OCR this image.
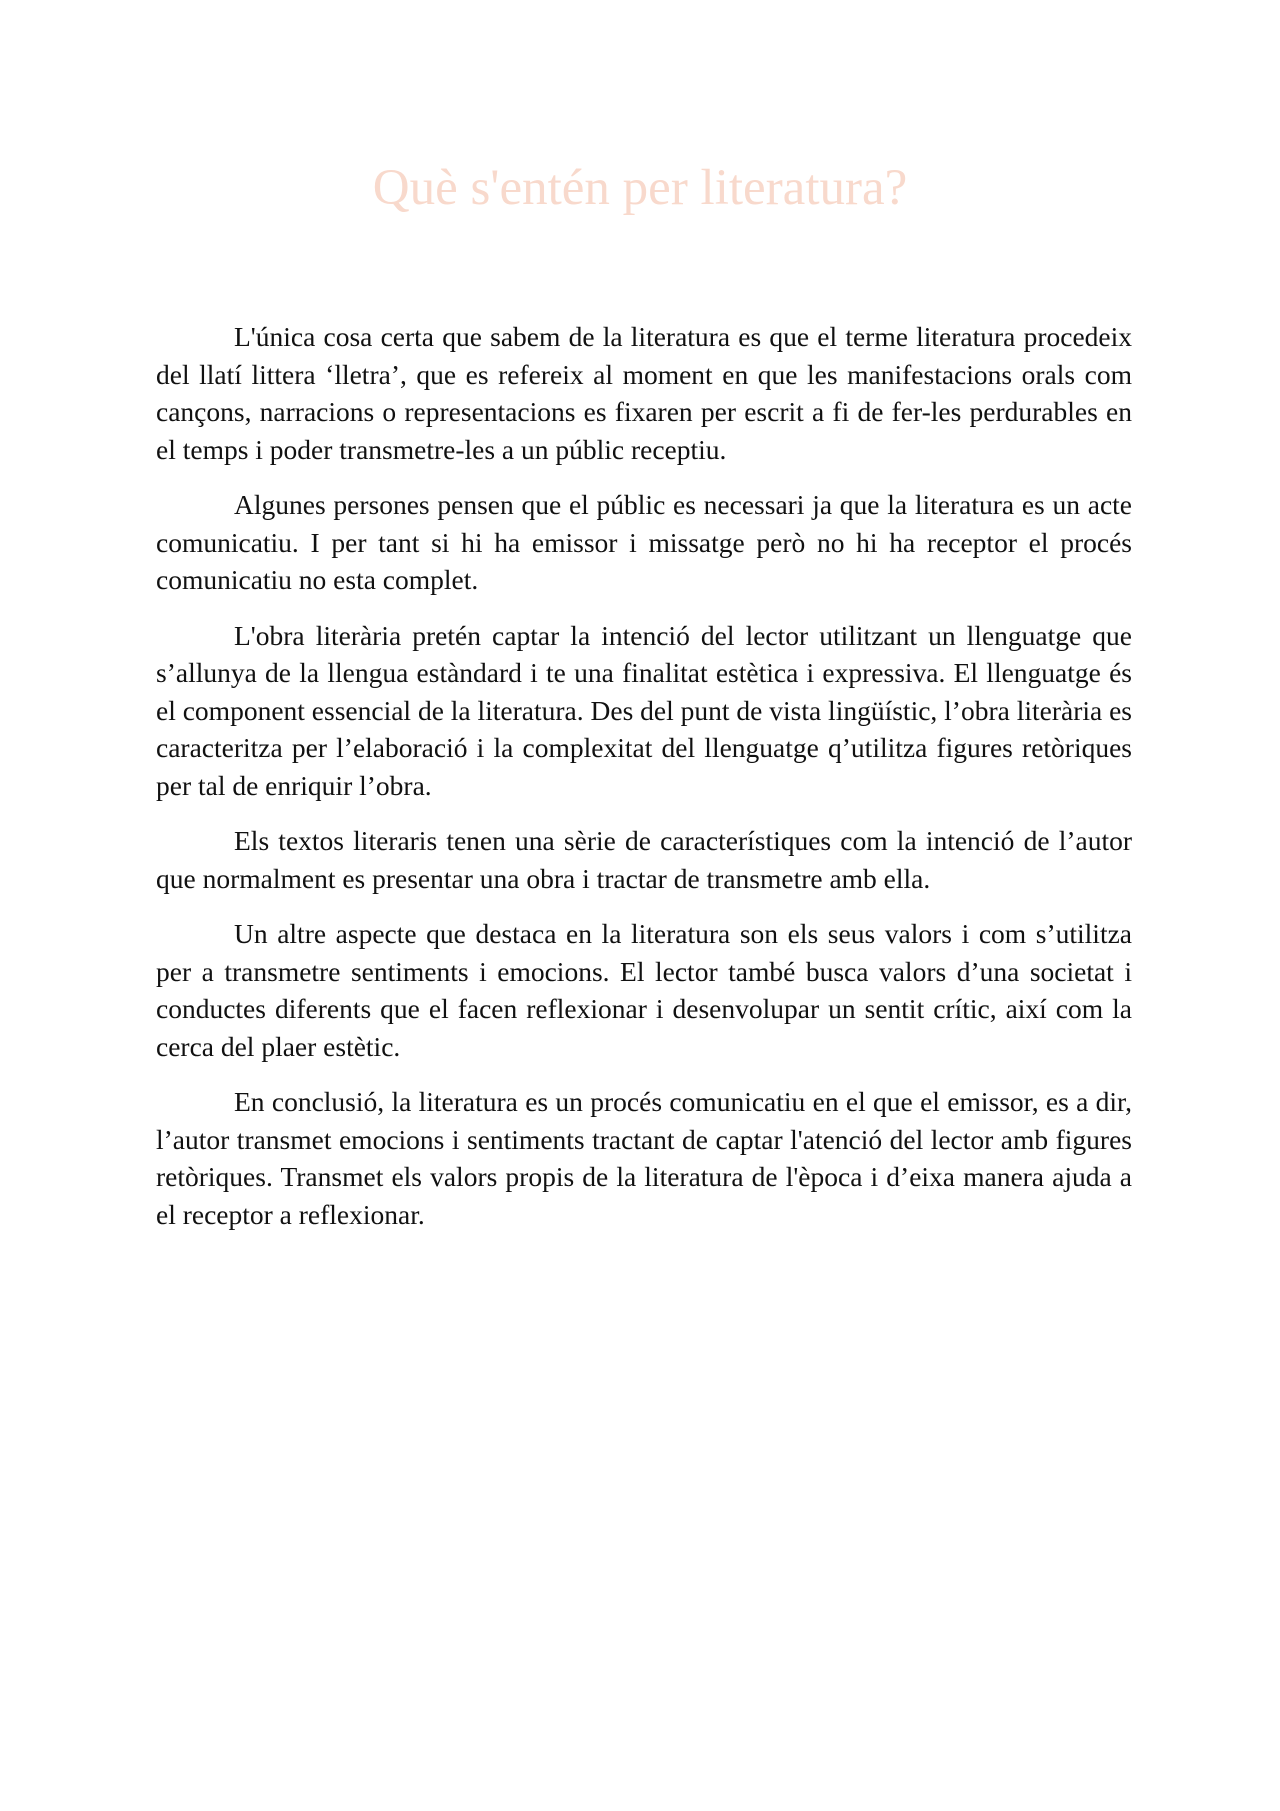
Què s'entén per literatura?

L'única cosa certa que sabem de la literatura es que el terme literatura procedeix del llatí littera ‘lletra’, que es refereix al moment en que les manifestacions orals com cançons, narracions o representacions es fixaren per escrit a fi de fer-les perdurables en el temps i poder transmetre-les a un públic receptiu.

Algunes persones pensen que el públic es necessari ja que la literatura es un acte comunicatiu. I per tant si hi ha emissor i missatge però no hi ha receptor el procés comunicatiu no esta complet.

L'obra literària pretén captar la intenció del lector utilitzant un llenguatge que s’allunya de la llengua estàndard i te una finalitat estètica i expressiva. El llenguatge és el component essencial de la literatura. Des del punt de vista lingüístic, l’obra literària es caracteritza per l’elaboració i la complexitat del llenguatge q’utilitza figures retòriques per tal de enriquir l’obra.

Els textos literaris tenen una sèrie de característiques com la intenció de l’autor que normalment es presentar una obra i tractar de transmetre amb ella.

Un altre aspecte que destaca en la literatura son els seus valors i com s’utilitza per a transmetre sentiments i emocions. El lector també busca valors d’una societat i conductes diferents que el facen reflexionar i desenvolupar un sentit crític, així com la cerca del plaer estètic.

En conclusió, la literatura es un procés comunicatiu en el que el emissor, es a dir, l’autor transmet emocions i sentiments tractant de captar l'atenció del lector amb figures retòriques. Transmet els valors propis de la literatura de l'època i d’eixa manera ajuda a el receptor a reflexionar.
